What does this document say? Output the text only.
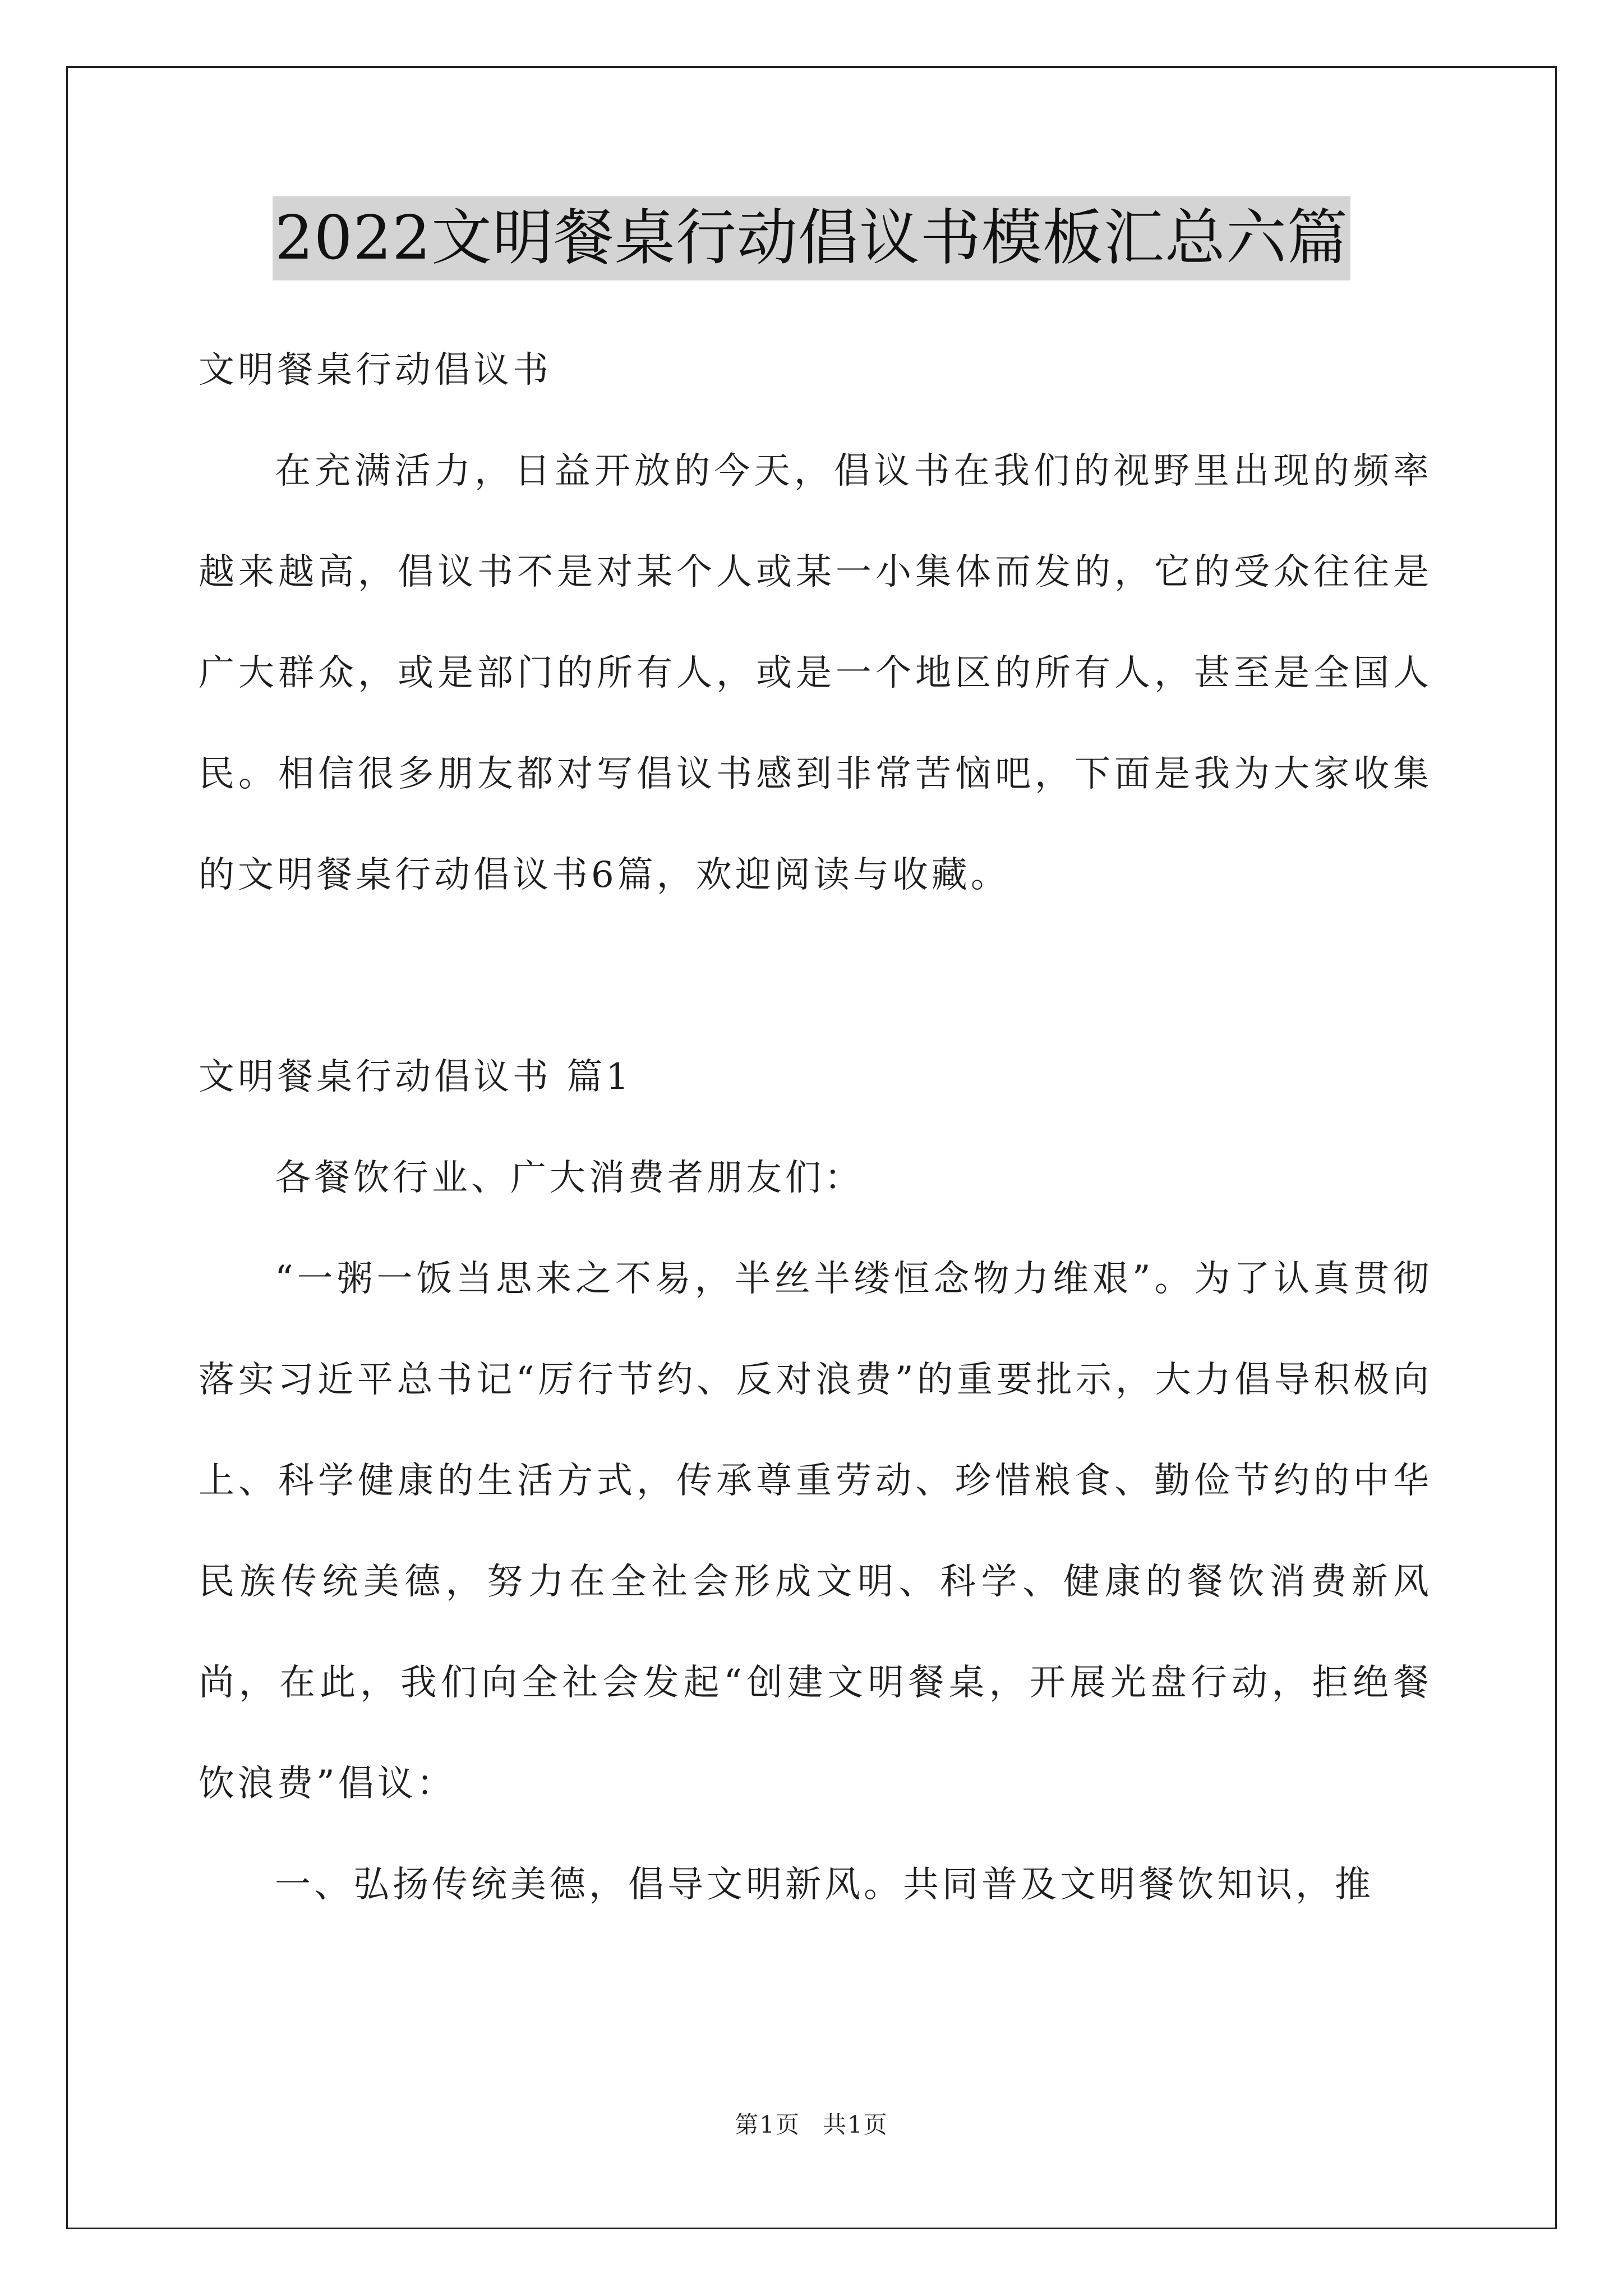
2022文明餐桌行动倡议书模板汇总六篇

文明餐桌行动倡议书

在充满活力，日益开放的今天，倡议书在我们的视野里出现的频率越来越高，倡议书不是对某个人或某一小集体而发的，它的受众往往是广大群众，或是部门的所有人，或是一个地区的所有人，甚至是全国人民。相信很多朋友都对写倡议书感到非常苦恼吧，下面是我为大家收集的文明餐桌行动倡议书6篇，欢迎阅读与收藏。

文明餐桌行动倡议书 篇1

各餐饮行业、广大消费者朋友们：

“一粥一饭当思来之不易，半丝半缕恒念物力维艰”。为了认真贯彻落实习近平总书记“厉行节约、反对浪费”的重要批示，大力倡导积极向上、科学健康的生活方式，传承尊重劳动、珍惜粮食、勤俭节约的中华民族传统美德，努力在全社会形成文明、科学、健康的餐饮消费新风尚，在此，我们向全社会发起“创建文明餐桌，开展光盘行动，拒绝餐饮浪费”倡议：

一、弘扬传统美德，倡导文明新风。共同普及文明餐饮知识，推

第1页 共1页
